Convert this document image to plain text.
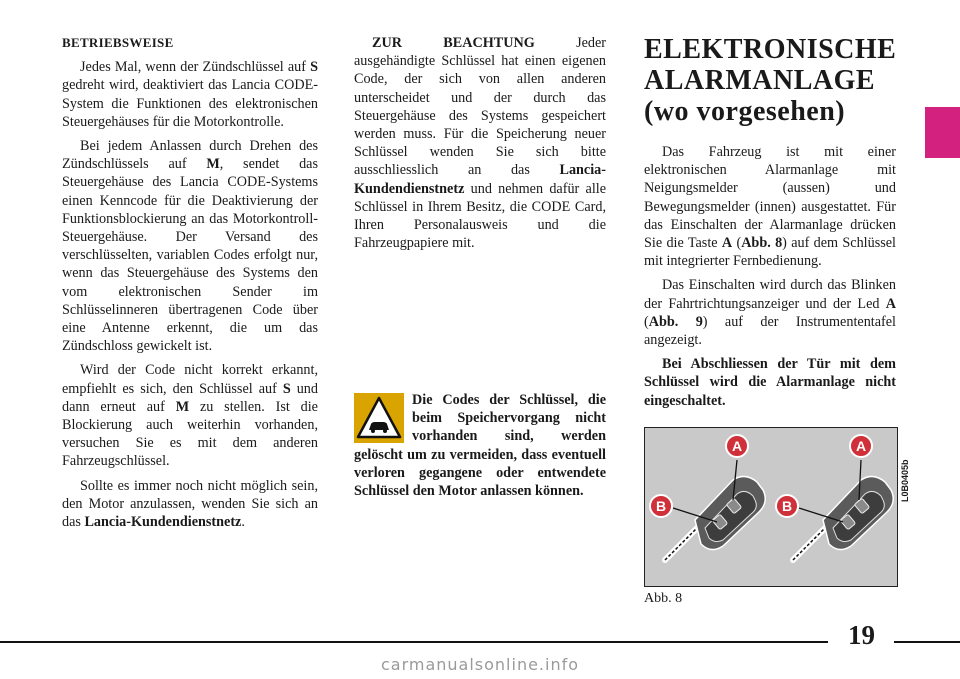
BETRIEBSWEISE

Jedes Mal, wenn der Zündschlüssel auf S gedreht wird, deaktiviert das Lancia CODE-System die Funktionen des elektronischen Steuergehäuses für die Motorkontrolle.

Bei jedem Anlassen durch Drehen des Zündschlüssels auf M, sendet das Steuergehäuse des Lancia CODE-Systems einen Kenncode für die Deaktivierung der Funktionsblockierung an das Motorkontroll-Steuergehäuse. Der Versand des verschlüsselten, variablen Codes erfolgt nur, wenn das Steuergehäuse des Systems den vom elektronischen Sender im Schlüsselinneren übertragenen Code über eine Antenne erkennt, die um das Zündschloss gewickelt ist.

Wird der Code nicht korrekt erkannt, empfiehlt es sich, den Schlüssel auf S und dann erneut auf M zu stellen. Ist die Blockierung auch weiterhin vorhanden, versuchen Sie es mit dem anderen Fahrzeugschlüssel.

Sollte es immer noch nicht möglich sein, den Motor anzulassen, wenden Sie sich an das Lancia-Kundendienstnetz.

ZUR BEACHTUNG Jeder ausgehändigte Schlüssel hat einen eigenen Code, der sich von allen anderen unterscheidet und der durch das Steuergehäuse des Systems gespeichert werden muss. Für die Speicherung neuer Schlüssel wenden Sie sich bitte ausschliesslich an das Lancia-Kundendienstnetz und nehmen dafür alle Schlüssel in Ihrem Besitz, die CODE Card, Ihren Personalausweis und die Fahrzeugpapiere mit.

Die Codes der Schlüssel, die beim Speichervorgang nicht vorhanden sind, werden gelöscht um zu vermeiden, dass eventuell verloren gegangene oder entwendete Schlüssel den Motor anlassen können.
ELEKTRONISCHE
ALARMANLAGE
(wo vorgesehen)

Das Fahrzeug ist mit einer elektronischen Alarmanlage mit Neigungsmelder (aussen) und Bewegungsmelder (innen) ausgestattet. Für das Einschalten der Alarmanlage drücken Sie die Taste A (Abb. 8) auf dem Schlüssel mit integrierter Fernbedienung.

Das Einschalten wird durch das Blinken der Fahrtrichtungsanzeiger und der Led A (Abb. 9) auf der Instrumententafel angezeigt.

Bei Abschliessen der Tür mit dem Schlüssel wird die Alarmanlage nicht eingeschaltet.

A
B
A
B
L0B0405b
Abb. 8
19
carmanualsonline.info
